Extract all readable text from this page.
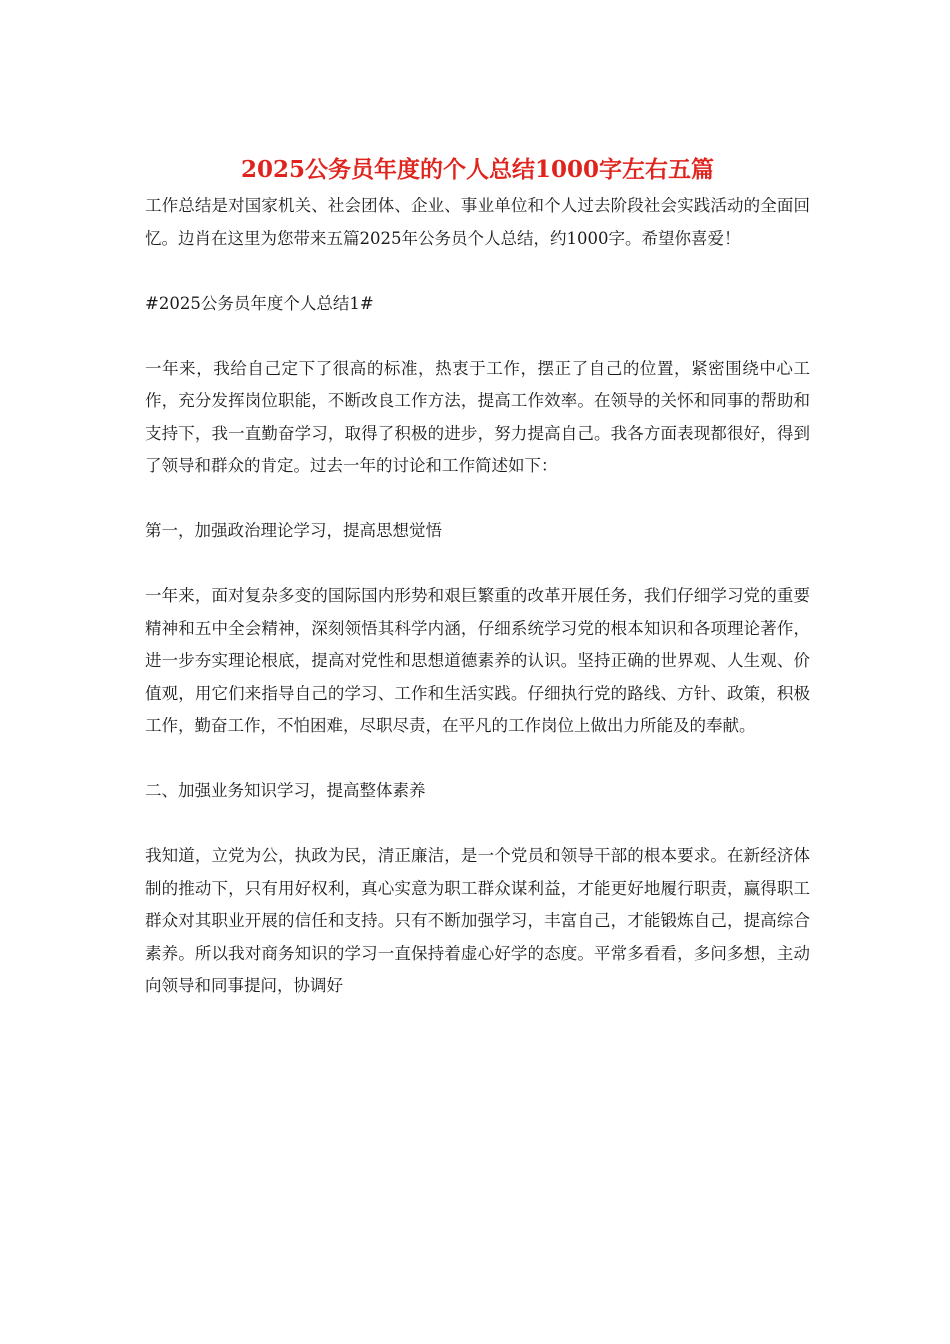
2025公务员年度的个人总结1000字左右五篇

工作总结是对国家机关、社会团体、企业、事业单位和个人过去阶段社会实践活动的全面回忆。边肖在这里为您带来五篇2025年公务员个人总结，约1000字。希望你喜爱！

#2025公务员年度个人总结1#

一年来，我给自己定下了很高的标准，热衷于工作，摆正了自己的位置，紧密围绕中心工作，充分发挥岗位职能，不断改良工作方法，提高工作效率。在领导的关怀和同事的帮助和支持下，我一直勤奋学习，取得了积极的进步，努力提高自己。我各方面表现都很好，得到了领导和群众的肯定。过去一年的讨论和工作简述如下：

第一，加强政治理论学习，提高思想觉悟

一年来，面对复杂多变的国际国内形势和艰巨繁重的改革开展任务，我们仔细学习党的重要精神和五中全会精神，深刻领悟其科学内涵，仔细系统学习党的根本知识和各项理论著作，进一步夯实理论根底，提高对党性和思想道德素养的认识。坚持正确的世界观、人生观、价值观，用它们来指导自己的学习、工作和生活实践。仔细执行党的路线、方针、政策，积极工作，勤奋工作，不怕困难，尽职尽责，在平凡的工作岗位上做出力所能及的奉献。

二、加强业务知识学习，提高整体素养

我知道，立党为公，执政为民，清正廉洁，是一个党员和领导干部的根本要求。在新经济体制的推动下，只有用好权利，真心实意为职工群众谋利益，才能更好地履行职责，赢得职工群众对其职业开展的信任和支持。只有不断加强学习，丰富自己，才能锻炼自己，提高综合素养。所以我对商务知识的学习一直保持着虚心好学的态度。平常多看看，多问多想，主动向领导和同事提问，协调好
